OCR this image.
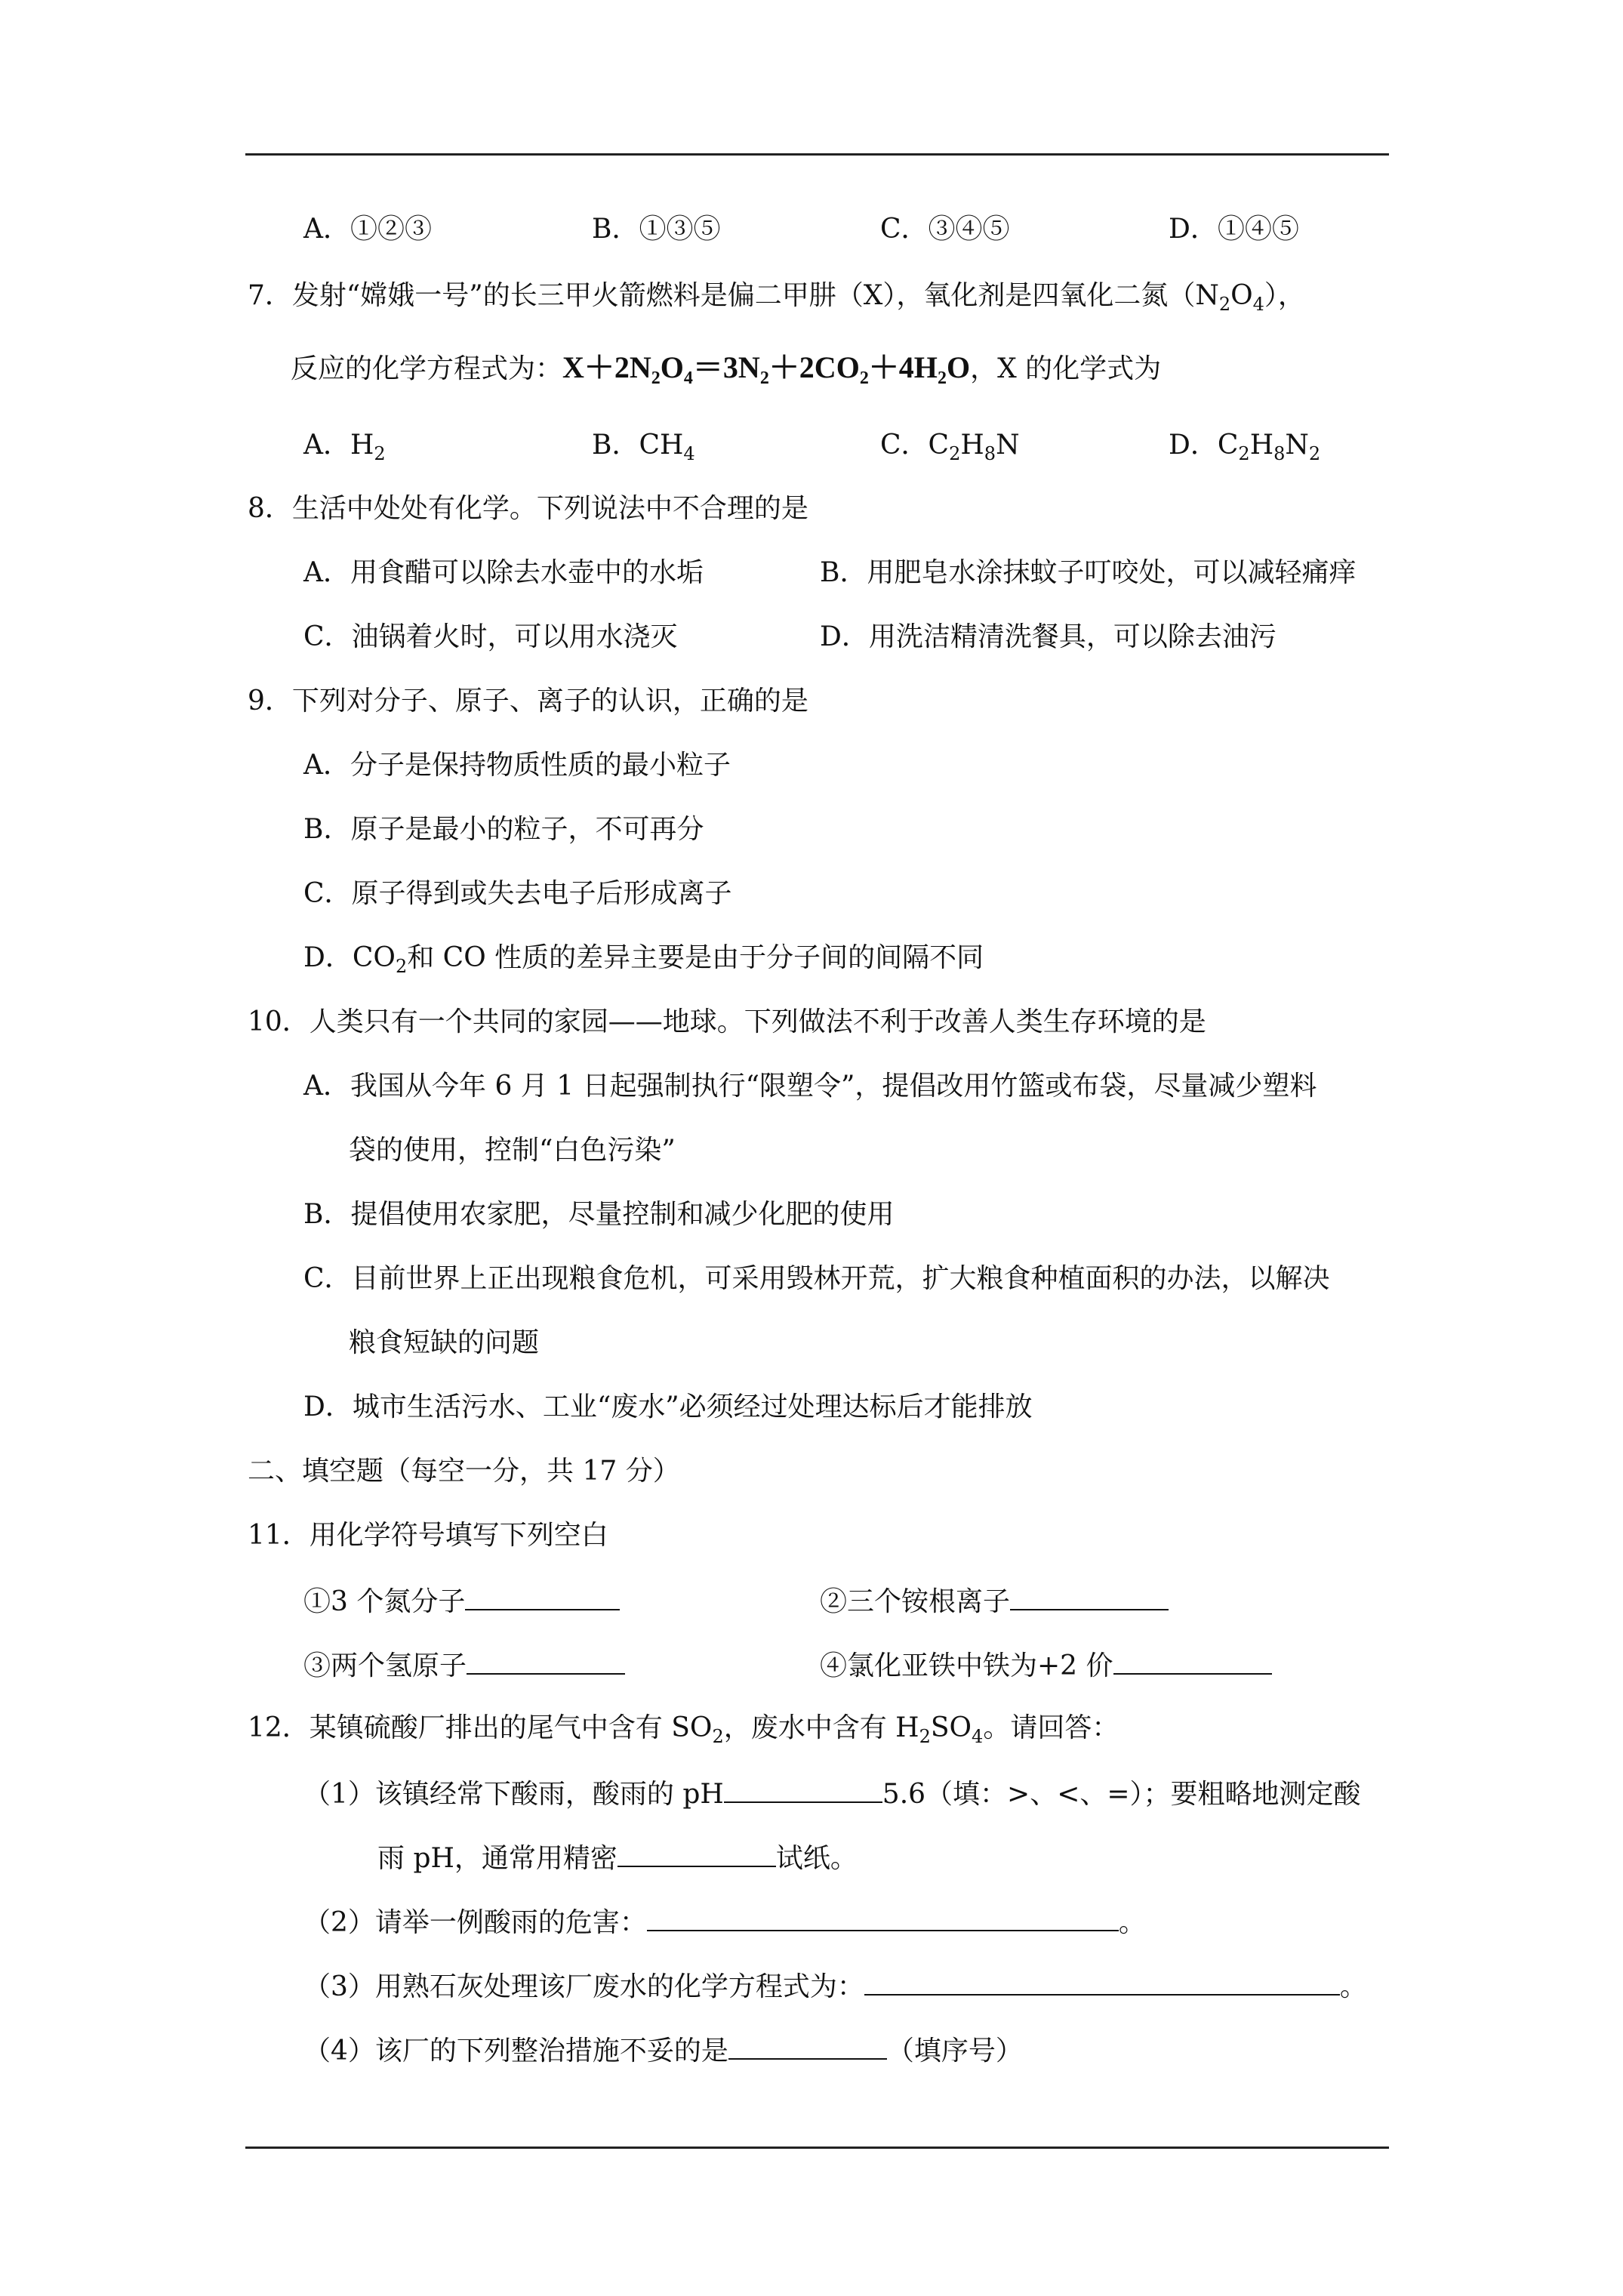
A．①②③	B．①③⑤	C．③④⑤	D．①④⑤
7．发射“嫦娥一号”的长三甲火箭燃料是偏二甲肼（X），氧化剂是四氧化二氮$(N_2O_4)$，
反应的化学方程式为：$X+2N_2O_4=3N_2+2CO_2+4H_2O$，X 的化学式为
A．$H_2$	B．$CH_4$	C．$C_2H_8N$	D．$C_2H_8N_2$
8．生活中处处有化学。下列说法中不合理的是
A．用食醋可以除去水壶中的水垢	B．用肥皂水涂抹蚊子叮咬处，可以减轻痛痒
C．油锅着火时，可以用水浇灭	D．用洗洁精清洗餐具，可以除去油污
9．下列对分子、原子、离子的认识，正确的是
A．分子是保持物质性质的最小粒子
B．原子是最小的粒子，不可再分
C．原子得到或失去电子后形成离子
D．$CO_2$和 CO 性质的差异主要是由于分子间的间隔不同
10．人类只有一个共同的家园——地球。下列做法不利于改善人类生存环境的是
A．我国从今年 6 月 1 日起强制执行“限塑令”，提倡改用竹篮或布袋，尽量减少塑料
袋的使用，控制“白色污染”
B．提倡使用农家肥，尽量控制和减少化肥的使用
C．目前世界上正出现粮食危机，可采用毁林开荒，扩大粮食种植面积的办法，以解决
粮食短缺的问题
D．城市生活污水、工业“废水”必须经过处理达标后才能排放
二、填空题（每空一分，共 17 分）
11．用化学符号填写下列空白
①3 个氮分子	②三个铵根离子
③两个氢原子	④氯化亚铁中铁为+2 价
12．某镇硫酸厂排出的尾气中含有 $SO_2$，废水中含有 $H_2SO_4$。请回答：
（1）该镇经常下酸雨，酸雨的 pH	5.6（填：>、<、=）；要粗略地测定酸
雨 pH，通常用精密	试纸。
（2）请举一例酸雨的危害：	。
（3）用熟石灰处理该厂废水的化学方程式为：	。
（4）该厂的下列整治措施不妥的是	（填序号）
